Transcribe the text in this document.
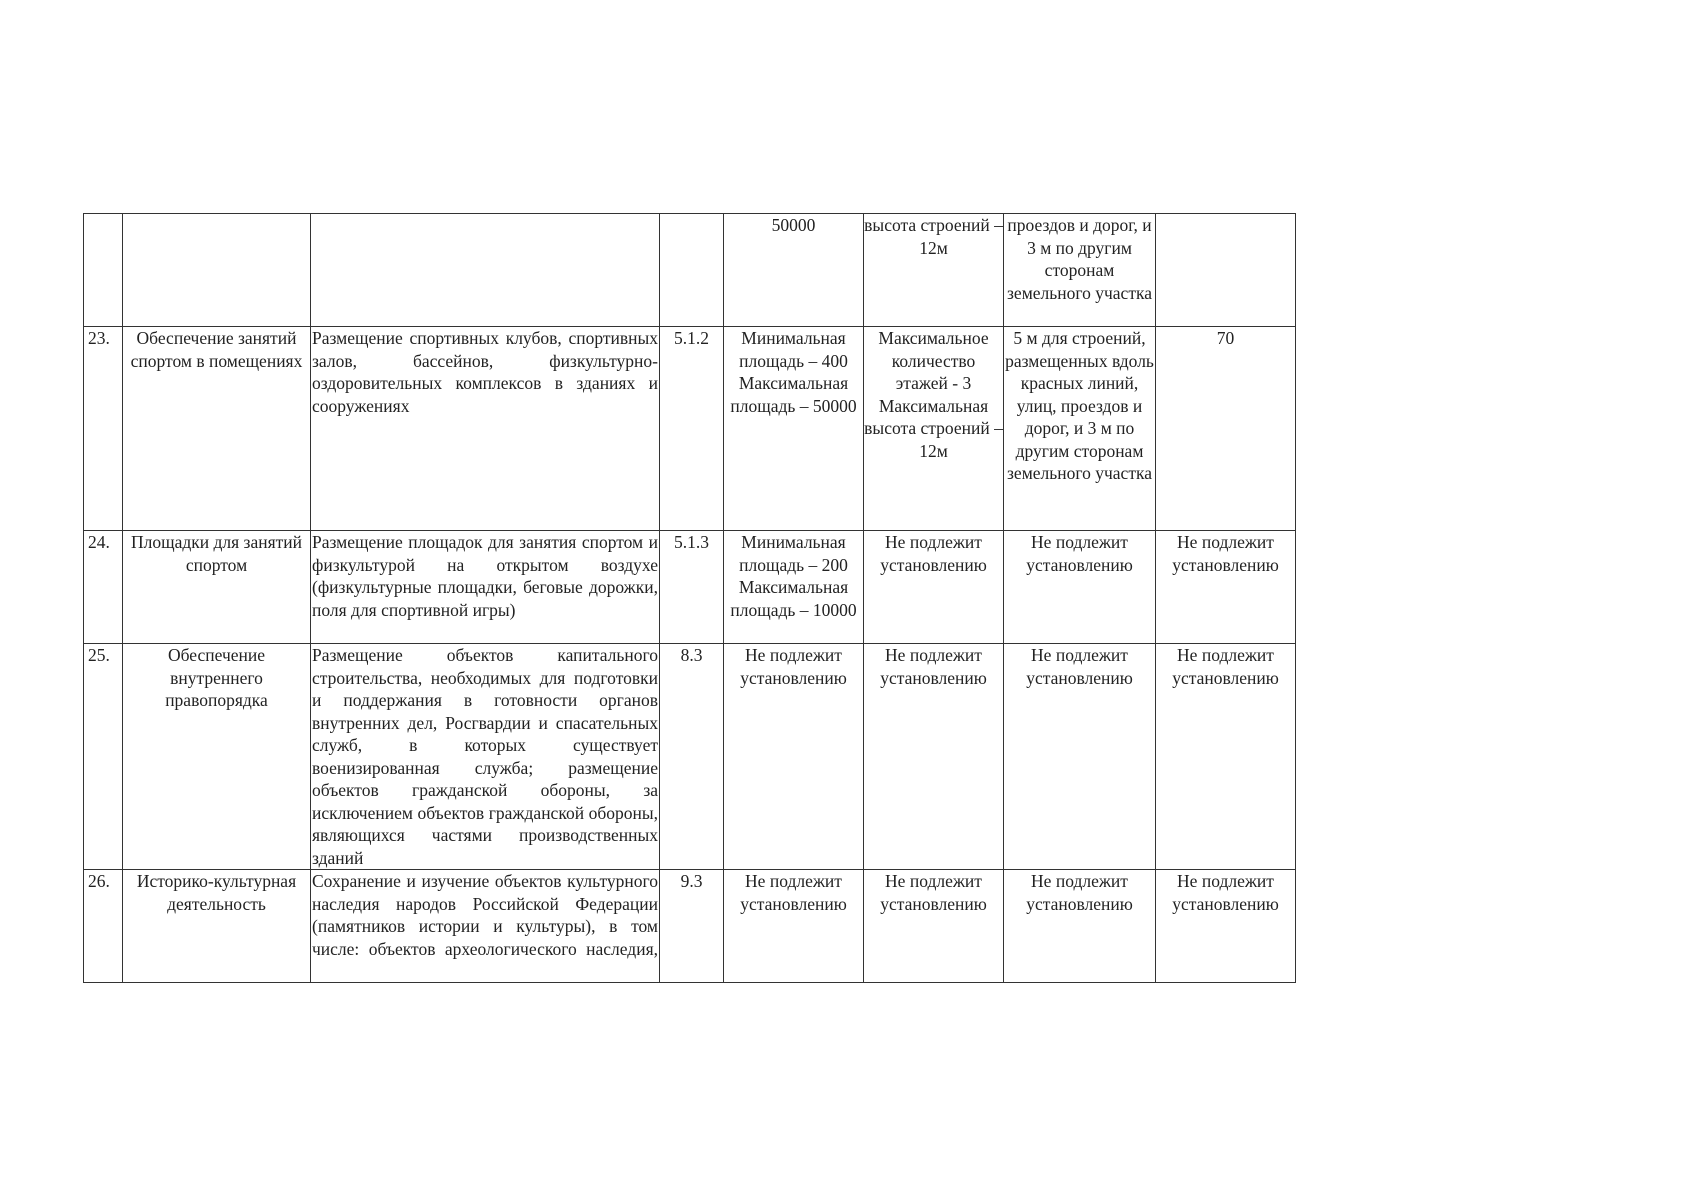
				50000	высота строений – 12м	проездов и дорог, и 3 м по другим сторонам земельного участка	
23.	Обеспечение занятий спортом в помещениях	Размещение спортивных клубов, спортивных залов, бассейнов, физкультурно-оздоровительных комплексов в зданиях и сооружениях	5.1.2	Минимальная площадь – 400 Максимальная площадь – 50000	Максимальное количество этажей - 3 Максимальная высота строений – 12м	5 м для строений, размещенных вдоль красных линий, улиц, проездов и дорог, и 3 м по другим сторонам земельного участка	70
24.	Площадки для занятий спортом	Размещение площадок для занятия спортом и физкультурой на открытом воздухе (физкультурные площадки, беговые дорожки, поля для спортивной игры)	5.1.3	Минимальная площадь – 200 Максимальная площадь – 10000	Не подлежит установлению	Не подлежит установлению	Не подлежит установлению
25.	Обеспечение внутреннего правопорядка	Размещение объектов капитального строительства, необходимых для подготовки и поддержания в готовности органов внутренних дел, Росгвардии и спасательных служб, в которых существует военизированная служба; размещение объектов гражданской обороны, за исключением объектов гражданской обороны, являющихся частями производственных зданий	8.3	Не подлежит установлению	Не подлежит установлению	Не подлежит установлению	Не подлежит установлению
26.	Историко-культурная деятельность	Сохранение и изучение объектов культурного наследия народов Российской Федерации (памятников истории и культуры), в том числе: объектов археологического наследия,	9.3	Не подлежит установлению	Не подлежит установлению	Не подлежит установлению	Не подлежит установлению
